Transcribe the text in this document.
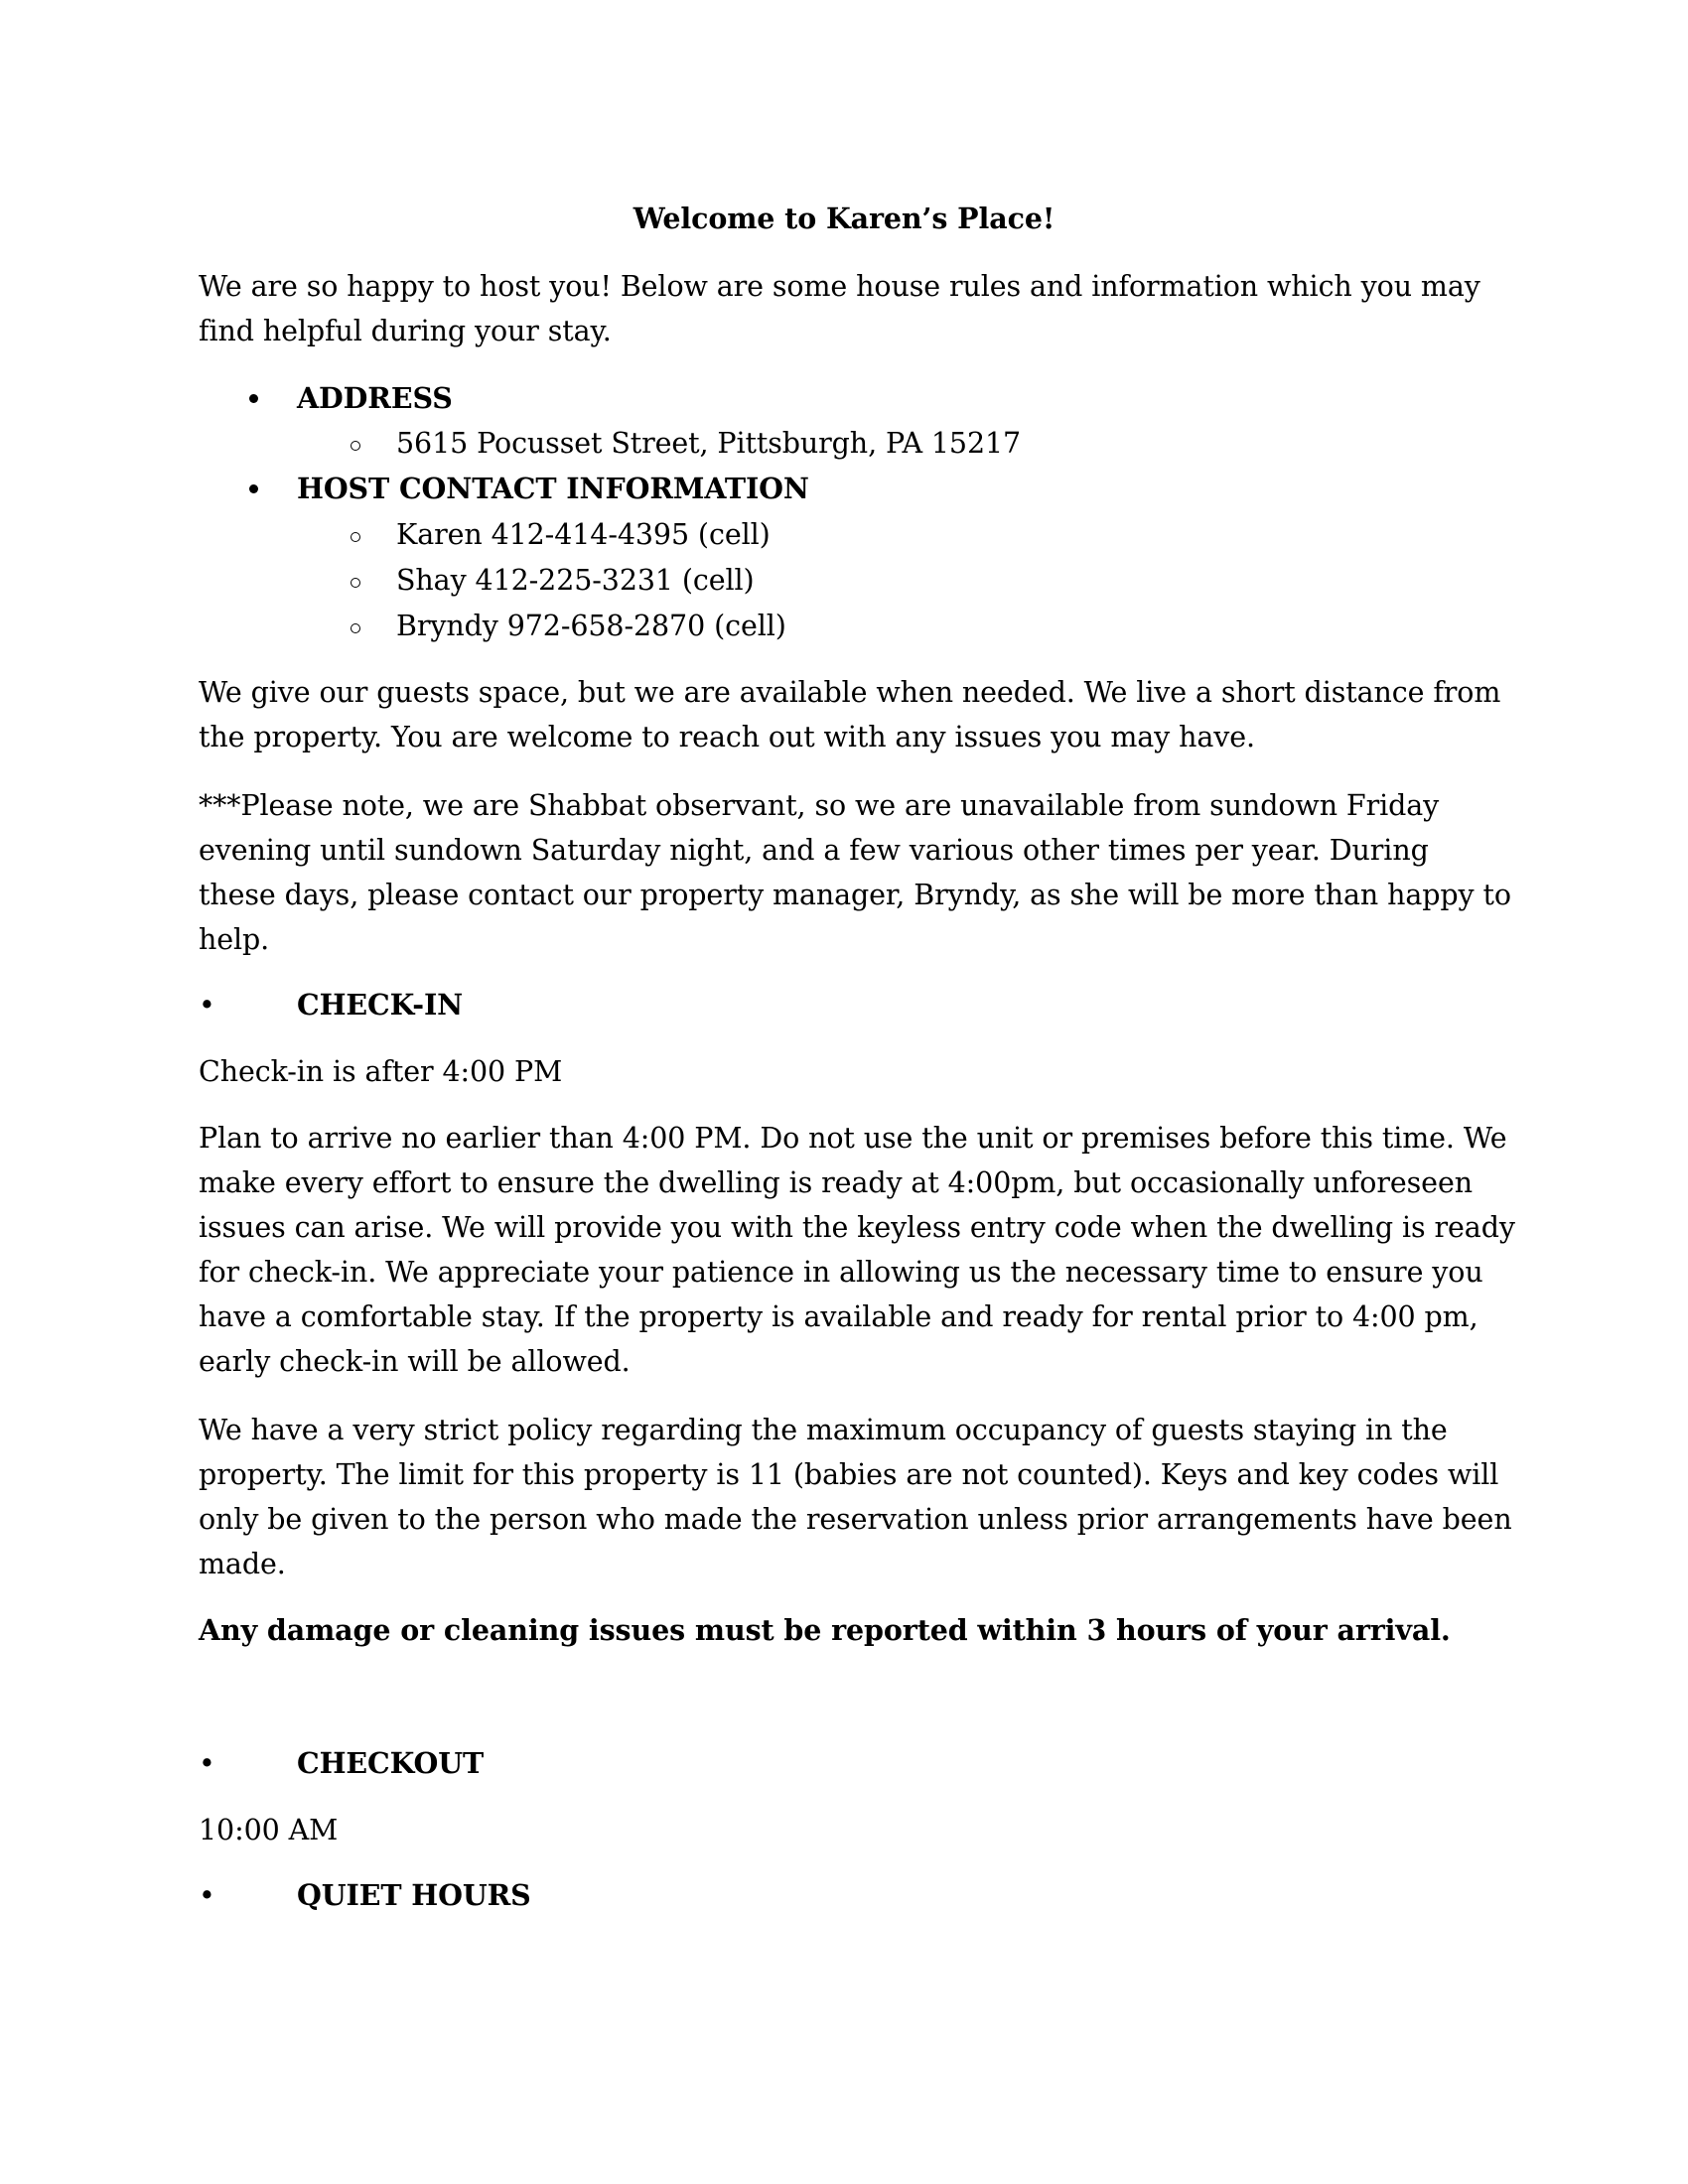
Welcome to Karen’s Place!
We are so happy to host you! Below are some house rules and information which you may
find helpful during your stay.
ADDRESS
5615 Pocusset Street, Pittsburgh, PA 15217
HOST CONTACT INFORMATION
Karen 412-414-4395 (cell)
Shay 412-225-3231 (cell)
Bryndy 972-658-2870 (cell)
We give our guests space, but we are available when needed. We live a short distance from
the property. You are welcome to reach out with any issues you may have.
***Please note, we are Shabbat observant, so we are unavailable from sundown Friday
evening until sundown Saturday night, and a few various other times per year. During
these days, please contact our property manager, Bryndy, as she will be more than happy to
help.
•	CHECK-IN
Check-in is after 4:00 PM
Plan to arrive no earlier than 4:00 PM. Do not use the unit or premises before this time. We
make every effort to ensure the dwelling is ready at 4:00pm, but occasionally unforeseen
issues can arise. We will provide you with the keyless entry code when the dwelling is ready
for check-in. We appreciate your patience in allowing us the necessary time to ensure you
have a comfortable stay. If the property is available and ready for rental prior to 4:00 pm,
early check-in will be allowed.
We have a very strict policy regarding the maximum occupancy of guests staying in the
property. The limit for this property is 11 (babies are not counted). Keys and key codes will
only be given to the person who made the reservation unless prior arrangements have been
made.
Any damage or cleaning issues must be reported within 3 hours of your arrival.
•	CHECKOUT
10:00 AM
•	QUIET HOURS
